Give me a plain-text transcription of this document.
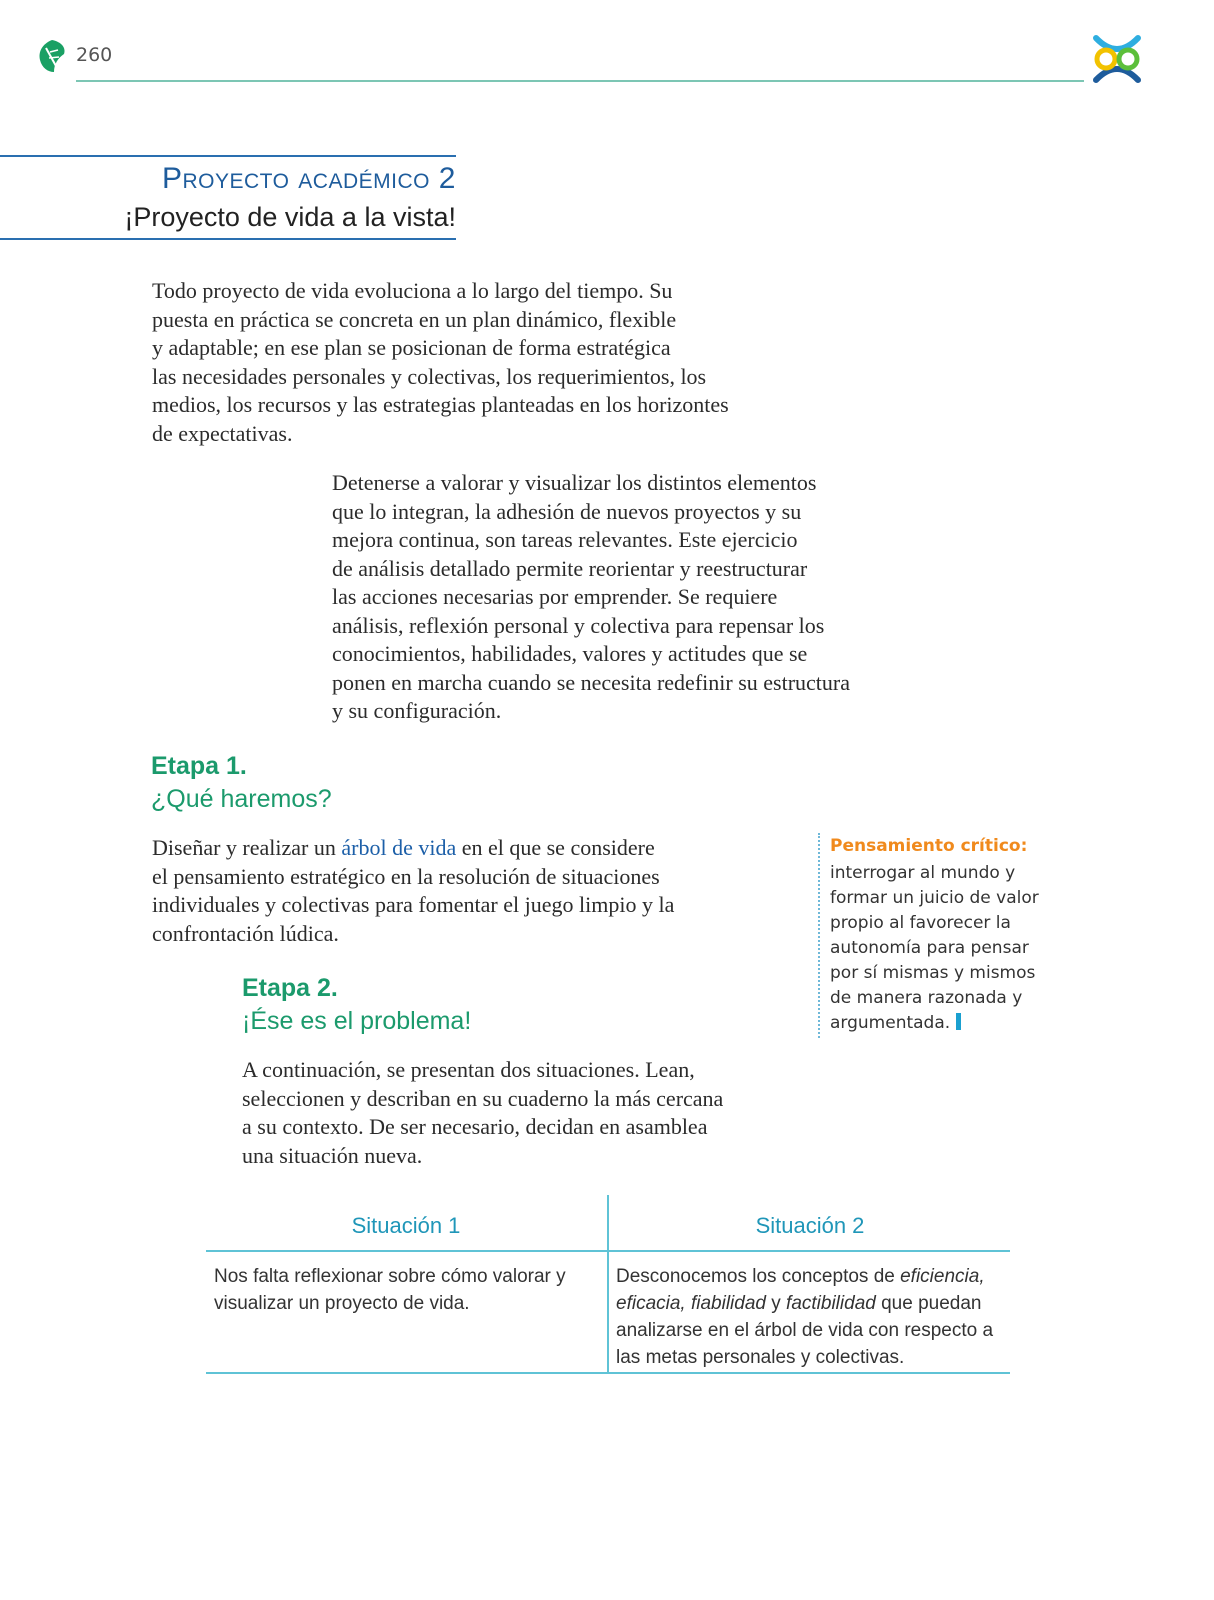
260
Proyecto académico 2
¡Proyecto de vida a la vista!
Todo proyecto de vida evoluciona a lo largo del tiempo. Su
puesta en práctica se concreta en un plan dinámico, flexible
y adaptable; en ese plan se posicionan de forma estratégica
las necesidades personales y colectivas, los requerimientos, los
medios, los recursos y las estrategias planteadas en los horizontes
de expectativas.
Detenerse a valorar y visualizar los distintos elementos
que lo integran, la adhesión de nuevos proyectos y su
mejora continua, son tareas relevantes. Este ejercicio
de análisis detallado permite reorientar y reestructurar
las acciones necesarias por emprender. Se requiere
análisis, reflexión personal y colectiva para repensar los
conocimientos, habilidades, valores y actitudes que se
ponen en marcha cuando se necesita redefinir su estructura
y su configuración.
Etapa 1.
¿Qué haremos?
Diseñar y realizar un árbol de vida en el que se considere
el pensamiento estratégico en la resolución de situaciones
individuales y colectivas para fomentar el juego limpio y la
confrontación lúdica.
Pensamiento crítico:
interrogar al mundo y
formar un juicio de valor
propio al favorecer la
autonomía para pensar
por sí mismas y mismos
de manera razonada y
argumentada.
Etapa 2.
¡Ése es el problema!
A continuación, se presentan dos situaciones. Lean,
seleccionen y describan en su cuaderno la más cercana
a su contexto. De ser necesario, decidan en asamblea
una situación nueva.
Situación 1	Situación 2
Nos falta reflexionar sobre cómo valorar y
visualizar un proyecto de vida.
Desconocemos los conceptos de eficiencia,
eficacia, fiabilidad y factibilidad que puedan
analizarse en el árbol de vida con respecto a
las metas personales y colectivas.
